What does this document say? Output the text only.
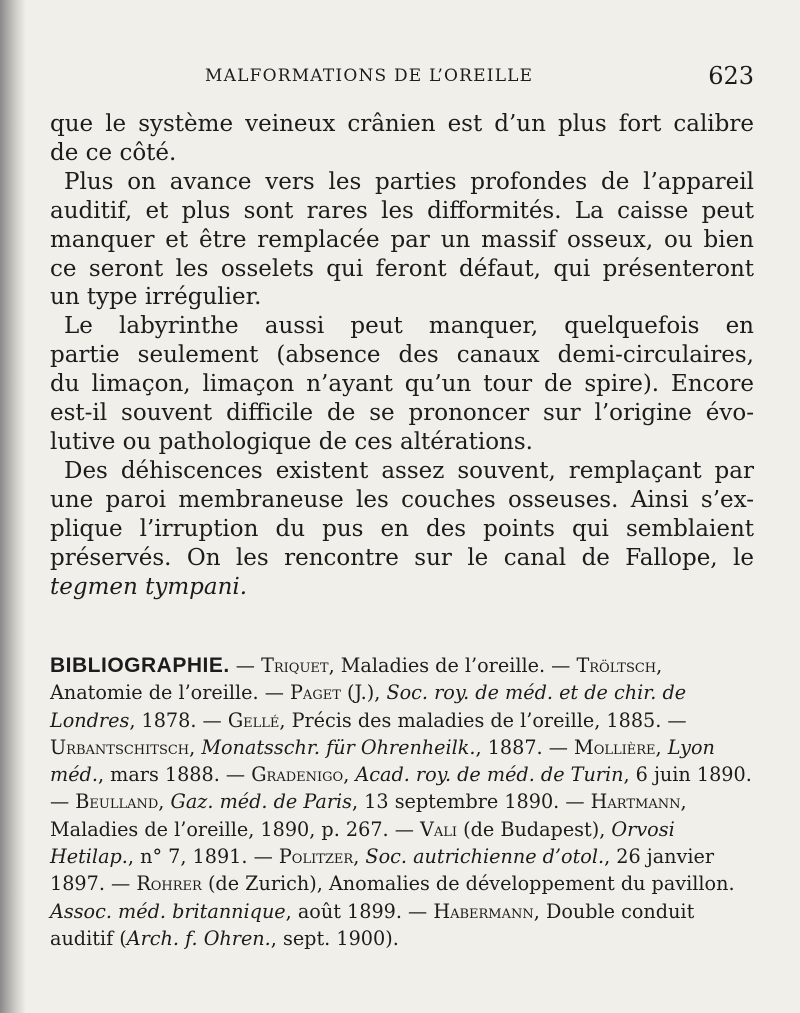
MALFORMATIONS DE L’OREILLE	623
que le système veineux crânien est d’un plus fort calibre
de ce côté.
Plus on avance vers les parties profondes de l’appareil
auditif, et plus sont rares les difformités. La caisse peut
manquer et être remplacée par un massif osseux, ou bien
ce seront les osselets qui feront défaut, qui présenteront
un type irrégulier.
Le labyrinthe aussi peut manquer, quelquefois en
partie seulement (absence des canaux demi-circulaires,
du limaçon, limaçon n’ayant qu’un tour de spire). Encore
est-il souvent difficile de se prononcer sur l’origine évo-
lutive ou pathologique de ces altérations.
Des déhiscences existent assez souvent, remplaçant par
une paroi membraneuse les couches osseuses. Ainsi s’ex-
plique l’irruption du pus en des points qui semblaient
préservés. On les rencontre sur le canal de Fallope, le
tegmen tympani.
BIBLIOGRAPHIE. — Triquet, Maladies de l’oreille. — Tröltsch, Anatomie de l’oreille. — Paget (J.), Soc. roy. de méd. et de chir. de Londres, 1878. — Gellé, Précis des maladies de l’oreille, 1885. — Urbantschitsch, Monatsschr. für Ohrenheilk., 1887. — Mollière, Lyon méd., mars 1888. — Gradenigo, Acad. roy. de méd. de Turin, 6 juin 1890. — Beulland, Gaz. méd. de Paris, 13 septembre 1890. — Hartmann, Maladies de l’oreille, 1890, p. 267. — Vali (de Budapest), Orvosi Hetilap., n° 7, 1891. — Politzer, Soc. autrichienne d’otol., 26 janvier 1897. — Rohrer (de Zurich), Anomalies de développement du pavillon. Assoc. méd. britannique, août 1899. — Habermann, Double conduit auditif (Arch. f. Ohren., sept. 1900).
